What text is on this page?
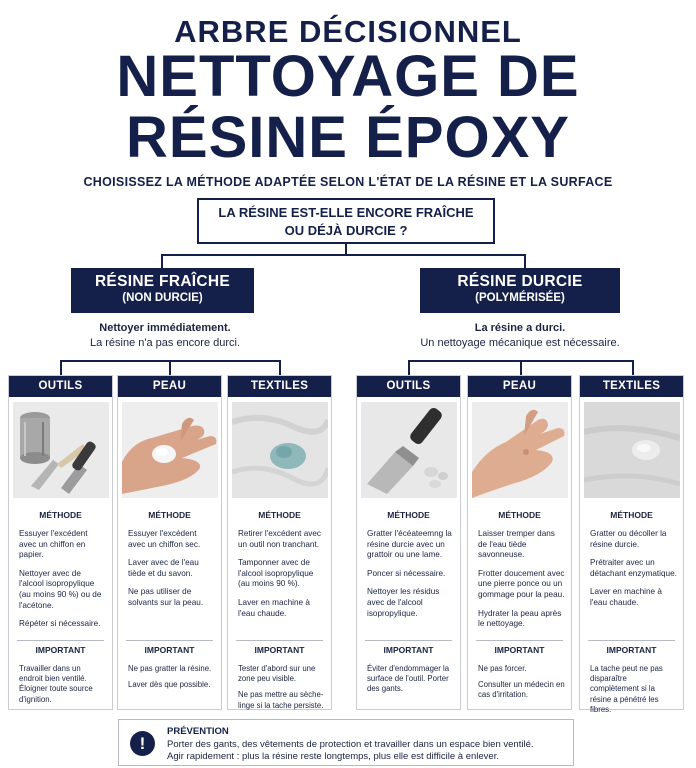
ARBRE DÉCISIONNEL
NETTOYAGE DE
RÉSINE ÉPOXY
CHOISISSEZ LA MÉTHODE ADAPTÉE SELON L'ÉTAT DE LA RÉSINE ET LA SURFACE
LA RÉSINE EST-ELLE ENCORE FRAÎCHE
OU DÉJÀ DURCIE ?
RÉSINE FRAÎCHE
(NON DURCIE)
RÉSINE DURCIE
(POLYMÉRISÉE)
Nettoyer immédiatement.
La résine n'a pas encore durci.
La résine a durci.
Un nettoyage mécanique est nécessaire.
OUTILS
MÉTHODE

Essuyer l'excédent avec un chiffon en papier.

Nettoyer avec de l'alcool isopropylique (au moins 90 %) ou de l'acétone.

Répéter si nécessaire.

IMPORTANT

Travailler dans un endroit bien ventilé. Éloigner toute source d'ignition.

PEAU
MÉTHODE

Essuyer l'excédent avec un chiffon sec.

Laver avec de l'eau tiède et du savon.

Ne pas utiliser de solvants sur la peau.

IMPORTANT

Ne pas gratter la résine.

Laver dès que possible.

TEXTILES
MÉTHODE

Retirer l'excédent avec un outil non tranchant.

Tamponner avec de l'alcool isopropylique (au moins 90 %).

Laver en machine à l'eau chaude.

IMPORTANT

Tester d'abord sur une zone peu visible.

Ne pas mettre au sèche-linge si la tache persiste.

OUTILS
MÉTHODE

Gratter l'écéateemng la résine durcie avec un grattoir ou une lame.

Poncer si nécessaire.

Nettoyer les résidus avec de l'alcool isopropylique.

IMPORTANT

Éviter d'endommager la surface de l'outil. Porter des gants.

PEAU
MÉTHODE

Laisser tremper dans de l'eau tiède savonneuse.

Frotter doucement avec une pierre ponce ou un gommage pour la peau.

Hydrater la peau après le nettoyage.

IMPORTANT

Ne pas forcer.

Consulter un médecin en cas d'irritation.

TEXTILES
MÉTHODE

Gratter ou décoller la résine durcie.

Prétraiter avec un détachant enzymatique.

Laver en machine à l'eau chaude.

IMPORTANT

La tache peut ne pas disparaître complètement si la résine a pénétré les fibres.

!
PRÉVENTION
Porter des gants, des vêtements de protection et travailler dans un espace bien ventilé.
Agir rapidement : plus la résine reste longtemps, plus elle est difficile à enlever.
